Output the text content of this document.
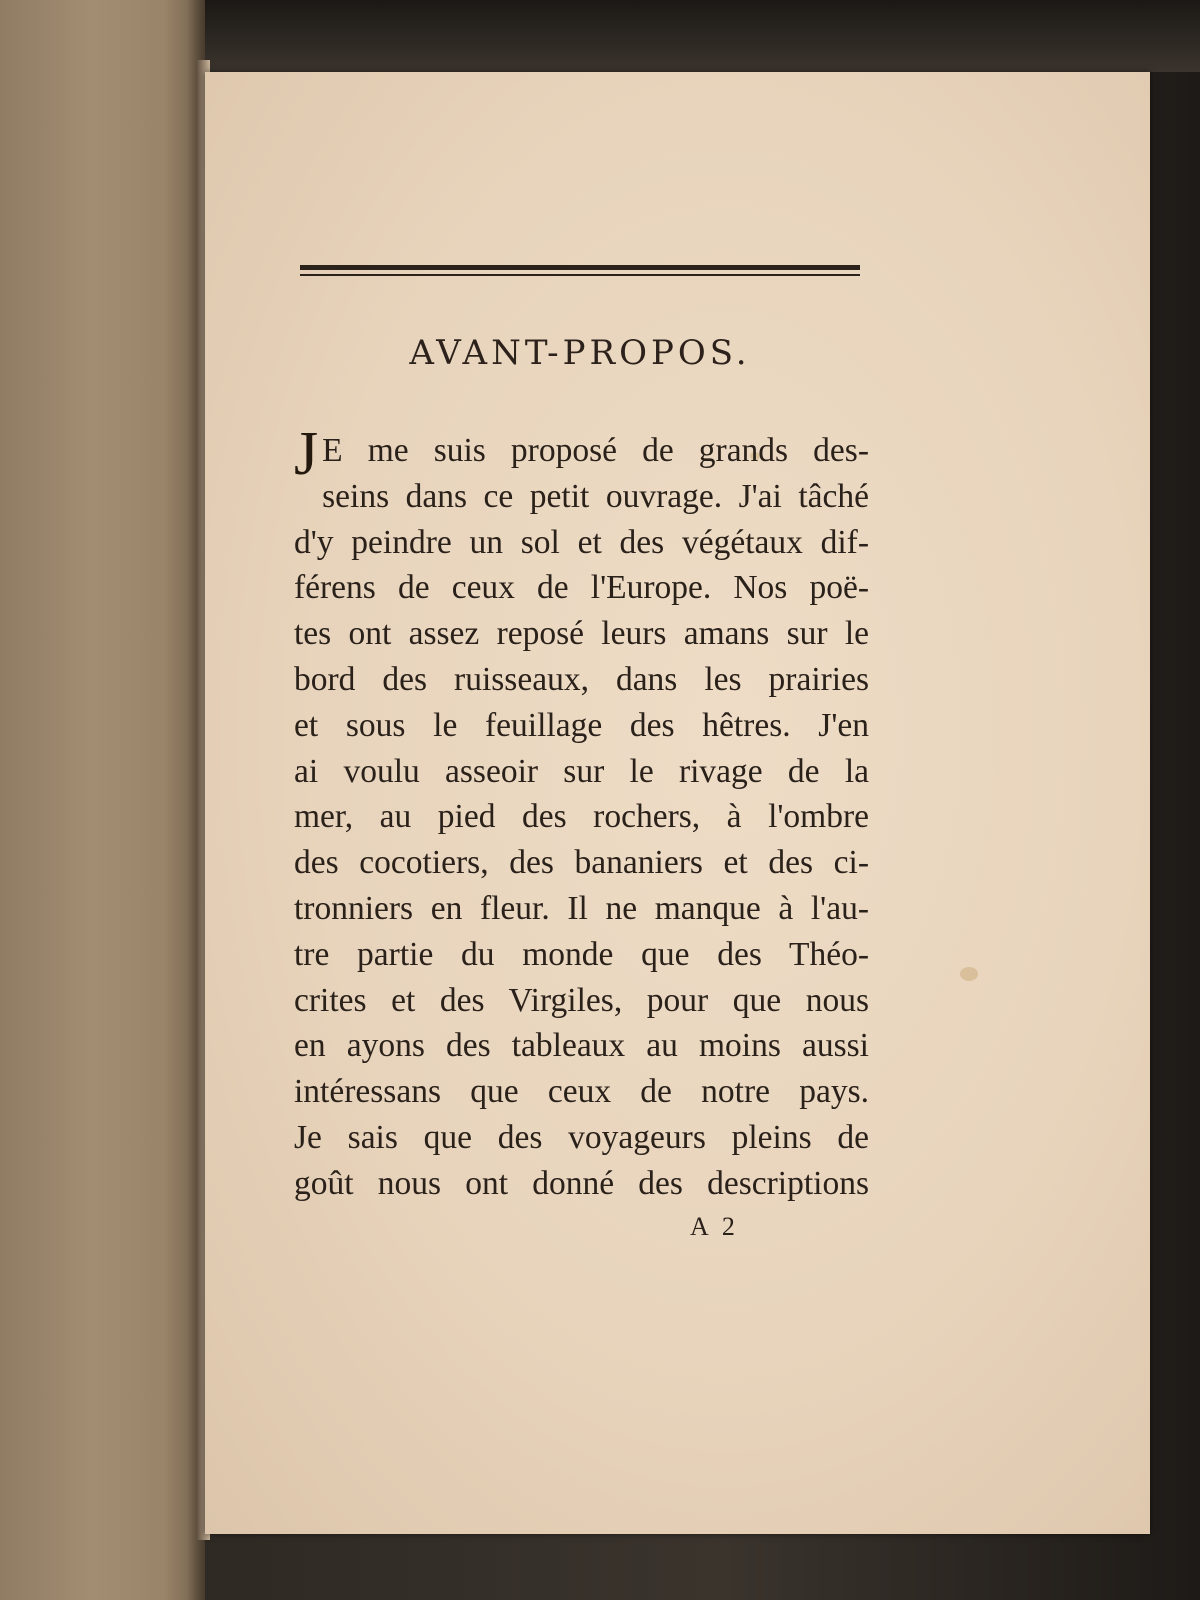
AVANT-PROPOS.
J E me suis proposé de grands des-
seins dans ce petit ouvrage. J'ai tâché
d'y peindre un sol et des végétaux dif-
férens de ceux de l'Europe. Nos poë-
tes ont assez reposé leurs amans sur le
bord des ruisseaux, dans les prairies
et sous le feuillage des hêtres. J'en
ai voulu asseoir sur le rivage de la
mer, au pied des rochers, à l'ombre
des cocotiers, des bananiers et des ci-
tronniers en fleur. Il ne manque à l'au-
tre partie du monde que des Théo-
crites et des Virgiles, pour que nous
en ayons des tableaux au moins aussi
intéressans que ceux de notre pays.
Je sais que des voyageurs pleins de
goût nous ont donné des descriptions
A 2
